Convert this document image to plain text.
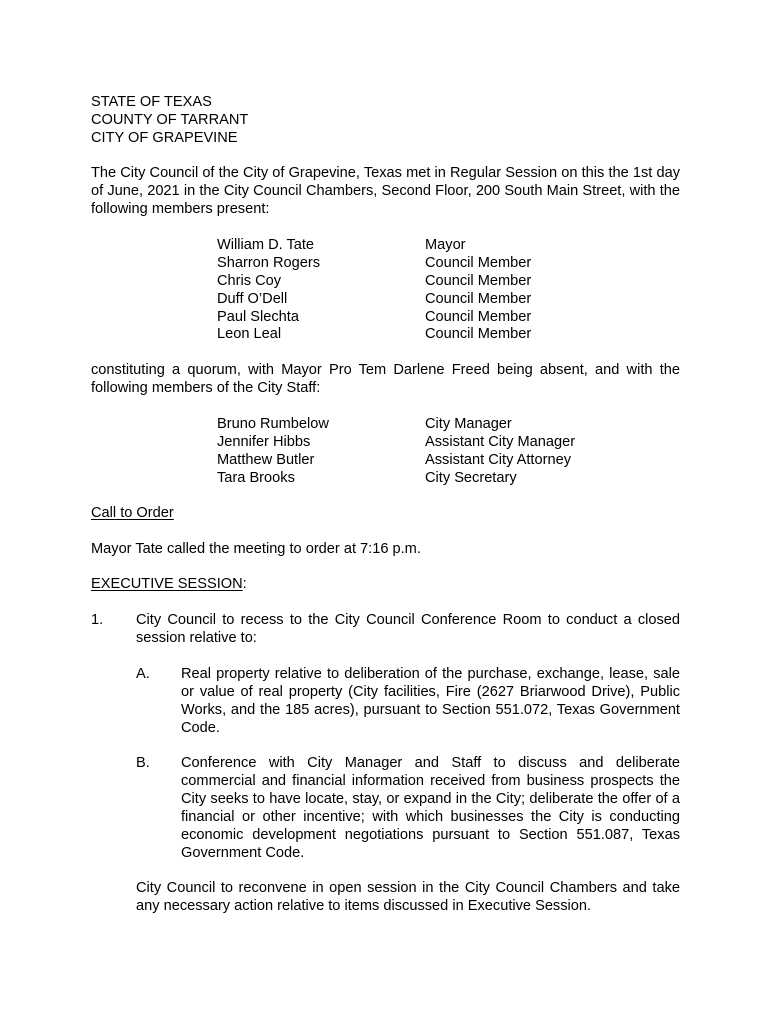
STATE OF TEXAS
COUNTY OF TARRANT
CITY OF GRAPEVINE
The City Council of the City of Grapevine, Texas met in Regular Session on this the 1st day of June, 2021 in the City Council Chambers, Second Floor, 200 South Main Street, with the following members present:
William D. Tate	Mayor
Sharron Rogers	Council Member
Chris Coy	Council Member
Duff O’Dell	Council Member
Paul Slechta	Council Member
Leon Leal	Council Member
constituting a quorum, with Mayor Pro Tem Darlene Freed being absent, and with the following members of the City Staff:
Bruno Rumbelow	City Manager
Jennifer Hibbs	Assistant City Manager
Matthew Butler	Assistant City Attorney
Tara Brooks	City Secretary
Call to Order
Mayor Tate called the meeting to order at 7:16 p.m.
EXECUTIVE SESSION:
1. City Council to recess to the City Council Conference Room to conduct a closed session relative to:
A. Real property relative to deliberation of the purchase, exchange, lease, sale or value of real property (City facilities, Fire (2627 Briarwood Drive), Public Works, and the 185 acres), pursuant to Section 551.072, Texas Government Code.
B. Conference with City Manager and Staff to discuss and deliberate commercial and financial information received from business prospects the City seeks to have locate, stay, or expand in the City; deliberate the offer of a financial or other incentive; with which businesses the City is conducting economic development negotiations pursuant to Section 551.087, Texas Government Code.
City Council to reconvene in open session in the City Council Chambers and take any necessary action relative to items discussed in Executive Session.
